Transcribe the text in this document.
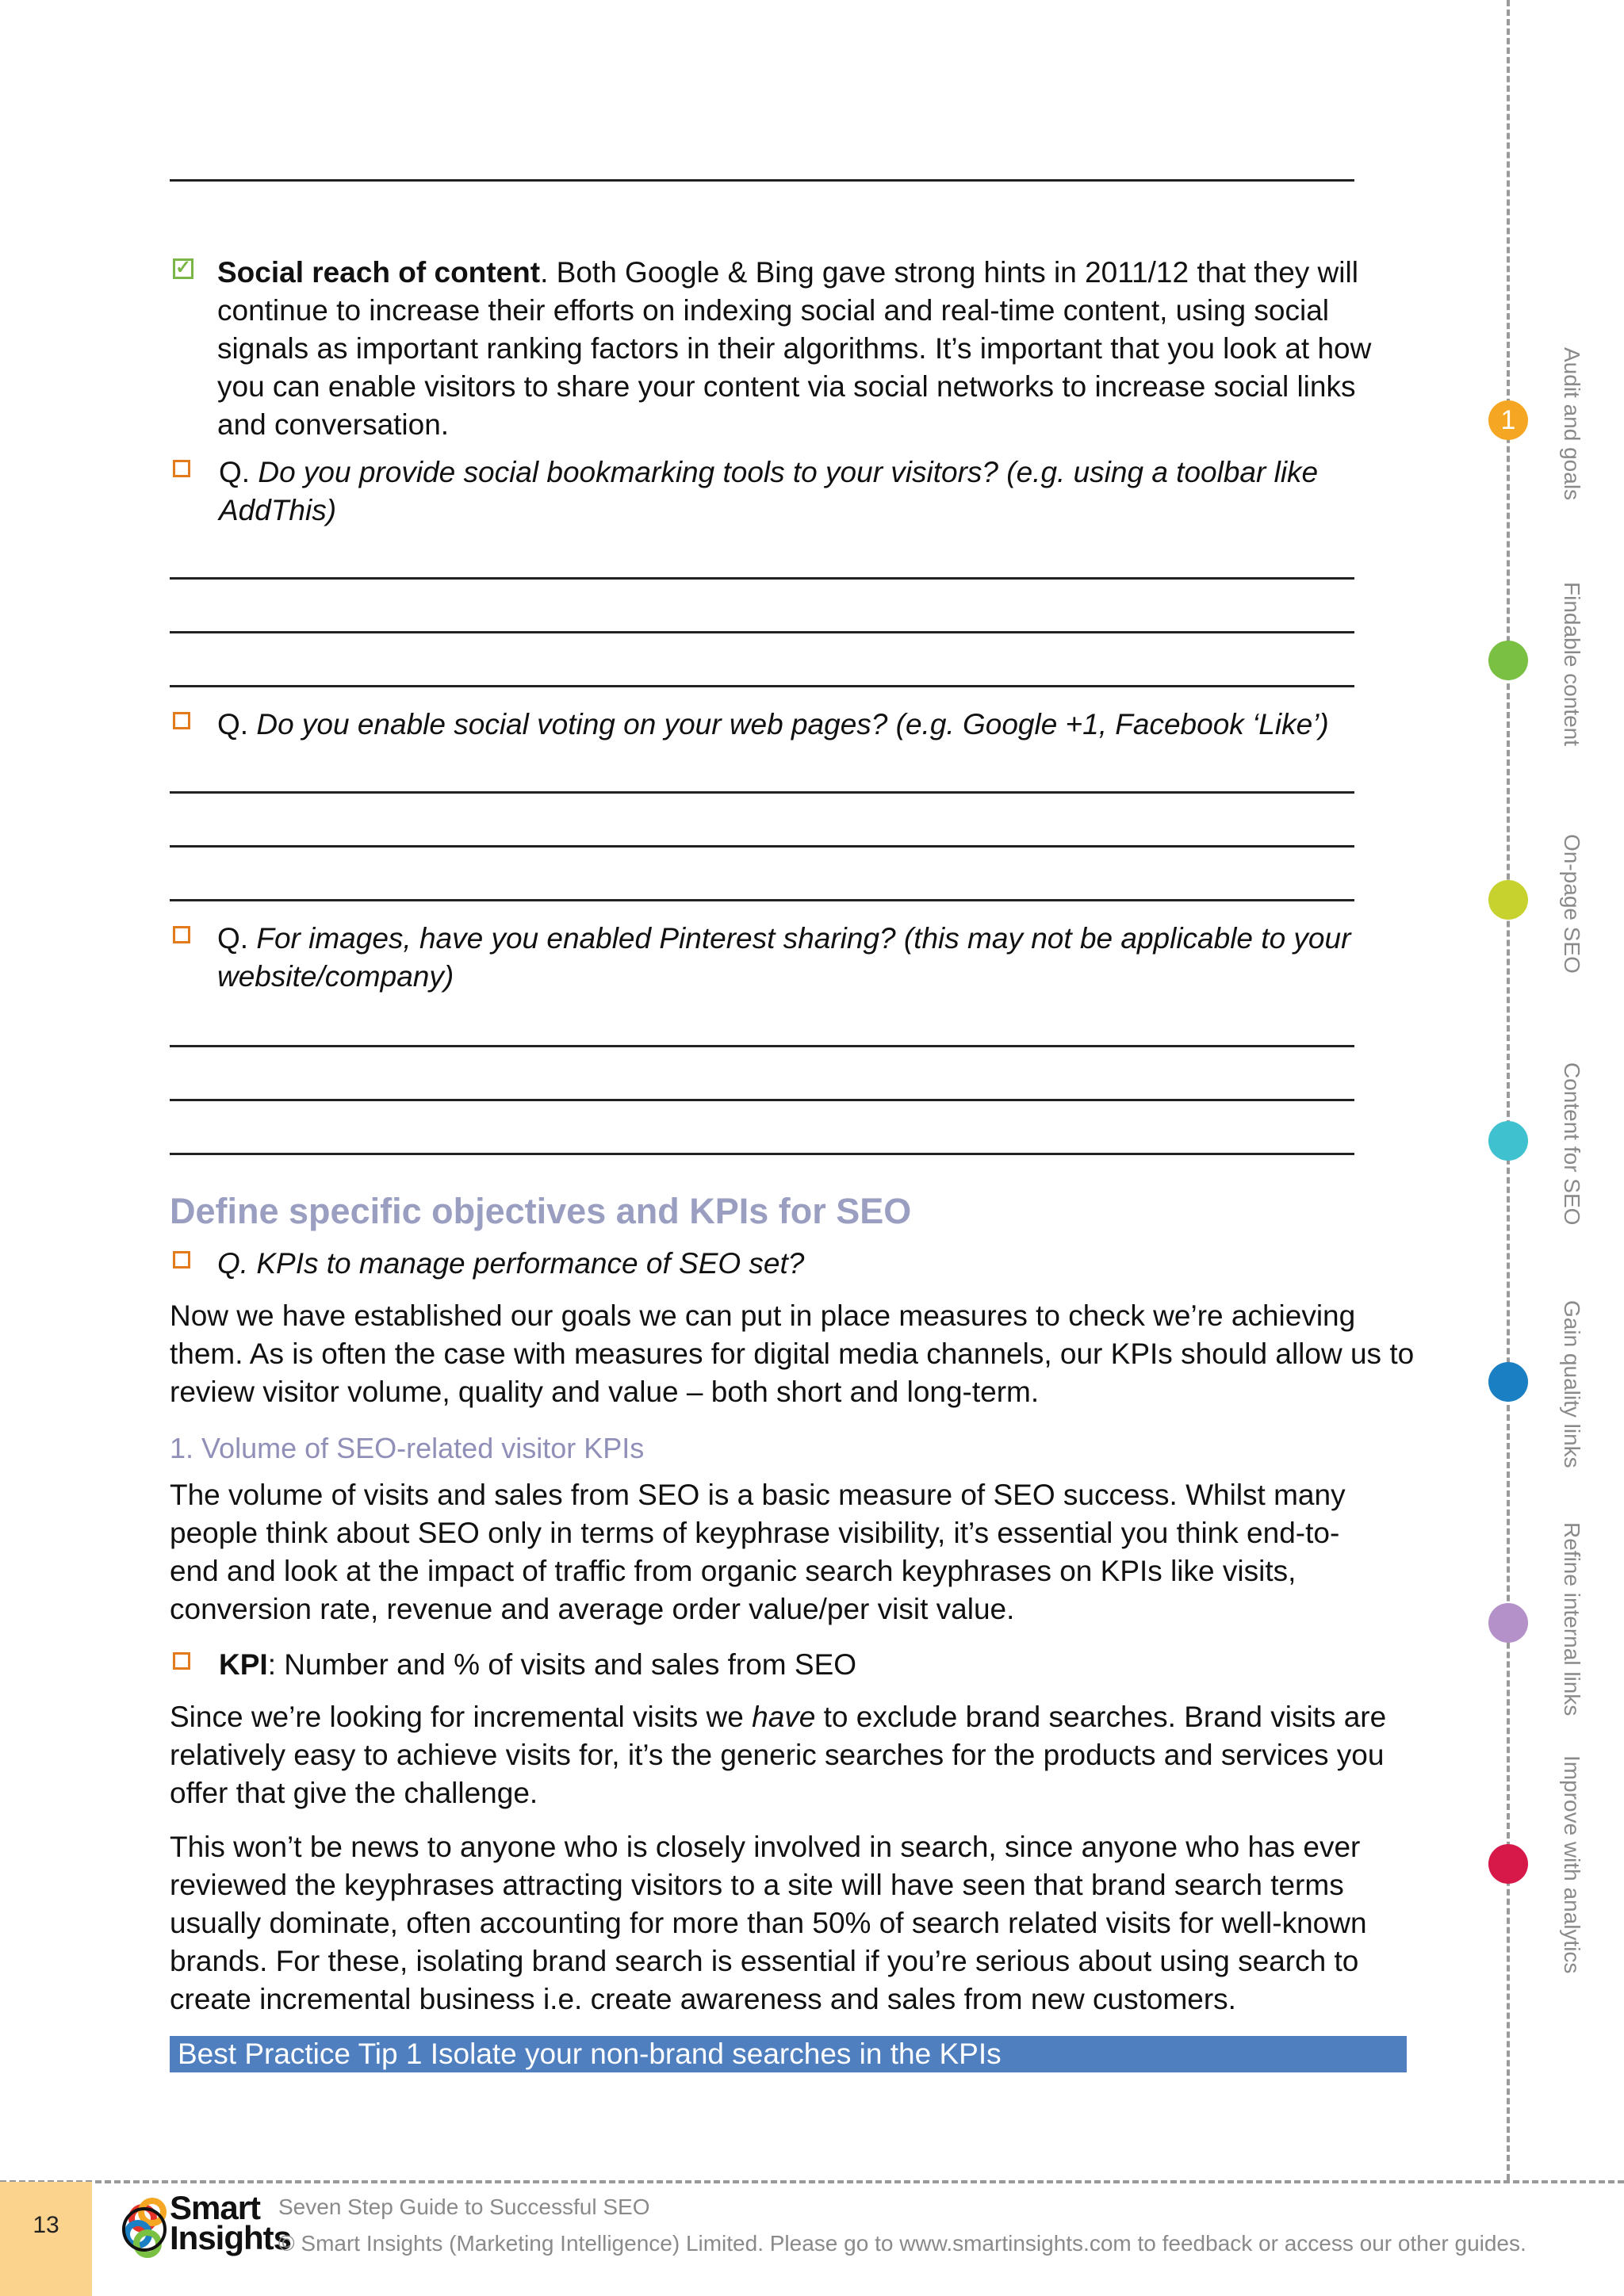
✓ Social reach of content. Both Google & Bing gave strong hints in 2011/12 that they will continue to increase their efforts on indexing social and real-time content, using social signals as important ranking factors in their algorithms. It’s important that you look at how you can enable visitors to share your content via social networks to increase social links and conversation.
Q. Do you provide social bookmarking tools to your visitors? (e.g. using a toolbar like AddThis)
Q. Do you enable social voting on your web pages? (e.g. Google +1, Facebook ‘Like’)
Q. For images, have you enabled Pinterest sharing? (this may not be applicable to your website/company)
Define specific objectives and KPIs for SEO
Q. KPIs to manage performance of SEO set?
Now we have established our goals we can put in place measures to check we’re achieving them. As is often the case with measures for digital media channels, our KPIs should allow us to review visitor volume, quality and value – both short and long-term.
1. Volume of SEO-related visitor KPIs
The volume of visits and sales from SEO is a basic measure of SEO success. Whilst many people think about SEO only in terms of keyphrase visibility, it’s essential you think end-to-end and look at the impact of traffic from organic search keyphrases on KPIs like visits, conversion rate, revenue and average order value/per visit value.
KPI: Number and % of visits and sales from SEO
Since we’re looking for incremental visits we have to exclude brand searches. Brand visits are relatively easy to achieve visits for, it’s the generic searches for the products and services you offer that give the challenge.
This won’t be news to anyone who is closely involved in search, since anyone who has ever reviewed the keyphrases attracting visitors to a site will have seen that brand search terms usually dominate, often accounting for more than 50% of search related visits for well-known brands. For these, isolating brand search is essential if you’re serious about using search to create incremental business i.e. create awareness and sales from new customers.
Best Practice Tip 1 Isolate your non-brand searches in the KPIs
1	Audit and goals
Findable content
On-page SEO
Content for SEO
Gain quality links
Refine internal links
Improve with analytics
13	Smart
Insights
Seven Step Guide to Successful SEO
© Smart Insights (Marketing Intelligence) Limited. Please go to www.smartinsights.com to feedback or access our other guides.
